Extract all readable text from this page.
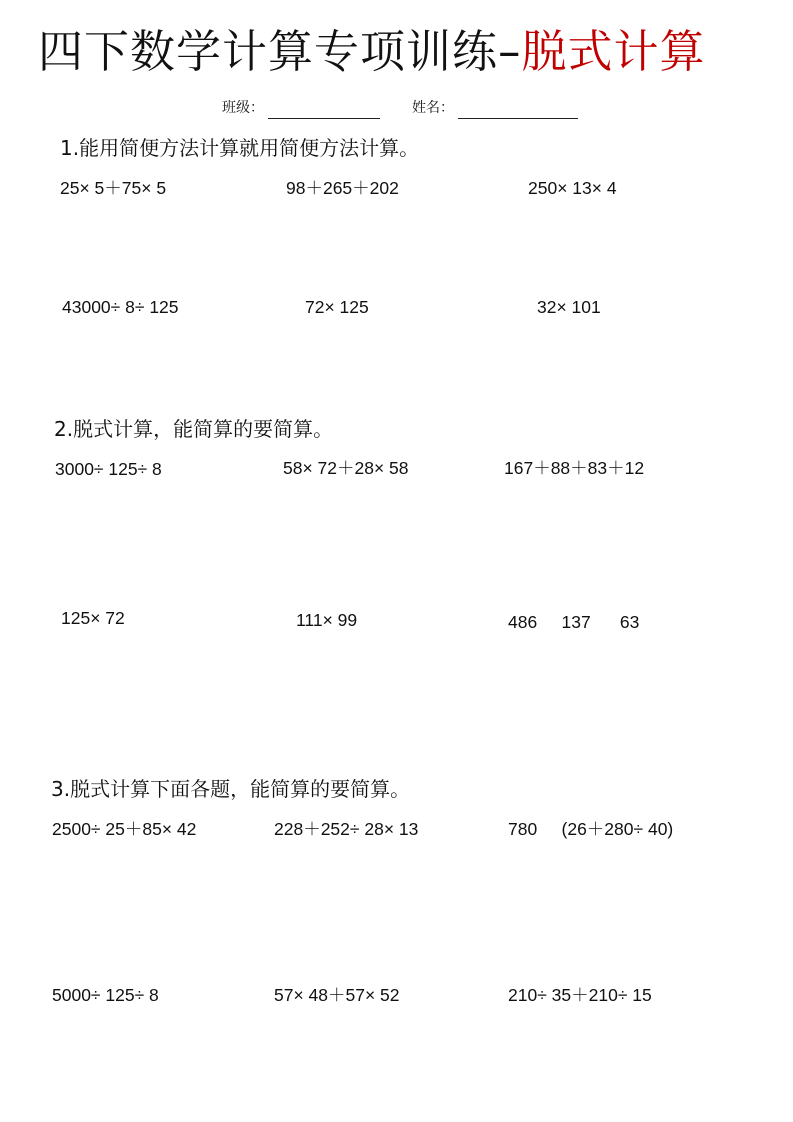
四下数学计算专项训练–脱式计算
班级：	姓名：
1.能用简便方法计算就用简便方法计算。
25× 5＋75× 5	98＋265＋202	250× 13× 4
43000÷ 8÷ 125	72× 125	32× 101
2.脱式计算，能简算的要简算。
3000÷ 125÷ 8	58× 72＋28× 58	167＋88＋83＋12
125× 72	111× 99	486     137      63
3.脱式计算下面各题，能简算的要简算。
2500÷ 25＋85× 42	228＋252÷ 28× 13	780     (26＋280÷ 40)
5000÷ 125÷ 8	57× 48＋57× 52	210÷ 35＋210÷ 15
